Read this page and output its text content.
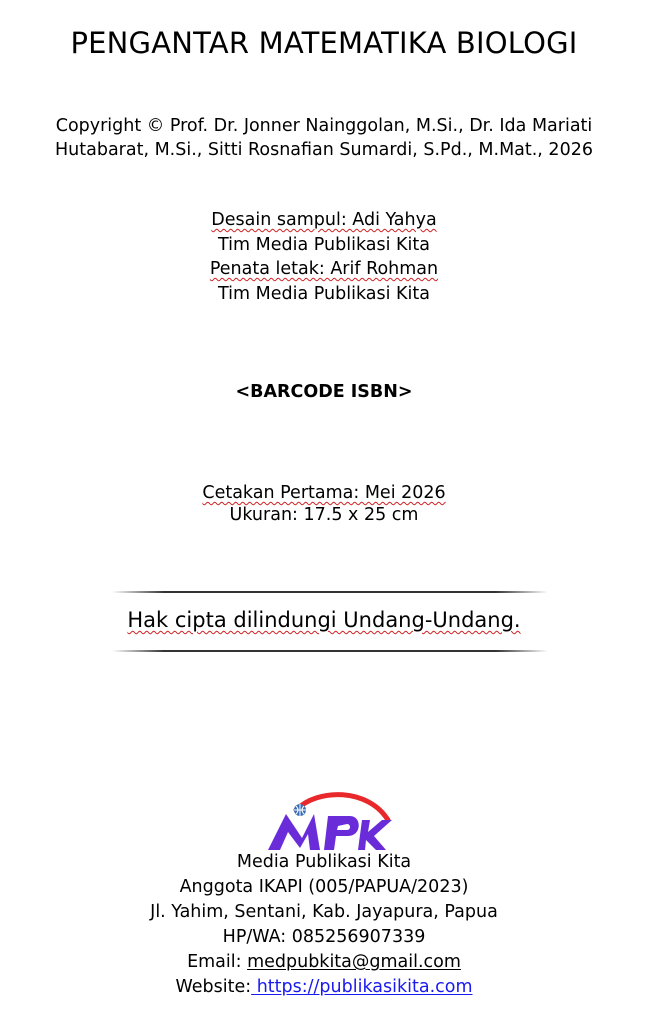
PENGANTAR MATEMATIKA BIOLOGI
Copyright © Prof. Dr. Jonner Nainggolan, M.Si., Dr. Ida Mariati
Hutabarat, M.Si., Sitti Rosnafian Sumardi, S.Pd., M.Mat., 2026
Desain sampul: Adi Yahya
Tim Media Publikasi Kita
Penata letak: Arif Rohman
Tim Media Publikasi Kita
<BARCODE ISBN>
Cetakan Pertama: Mei 2026
Ukuran: 17.5 x 25 cm
Hak cipta dilindungi Undang-Undang.
Media Publikasi Kita
Anggota IKAPI (005/PAPUA/2023)
Jl. Yahim, Sentani, Kab. Jayapura, Papua
HP/WA: 085256907339
Email: medpubkita@gmail.com
Website: https://publikasikita.com
